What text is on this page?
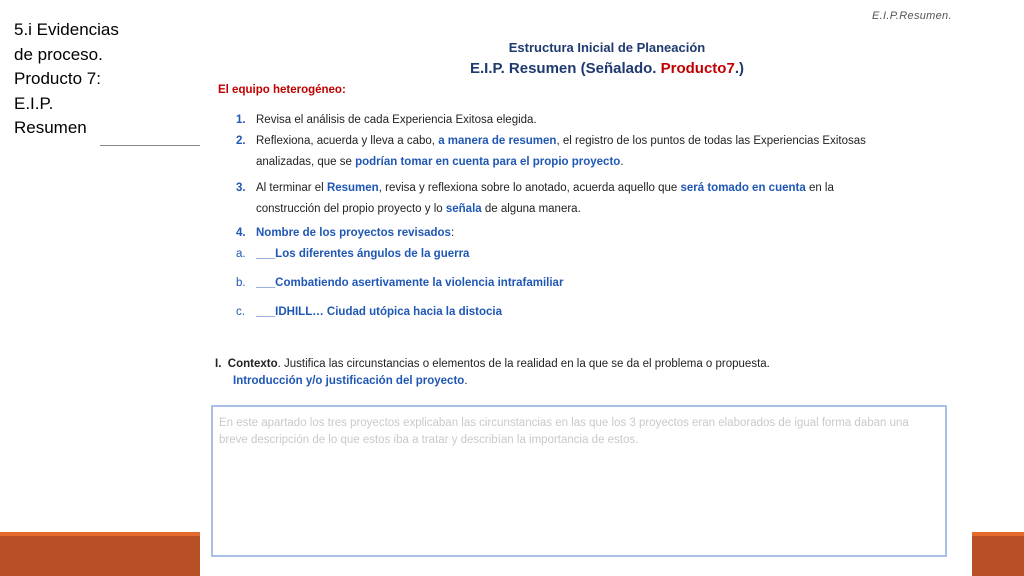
5.i Evidencias de proceso. Producto 7: E.I.P. Resumen
E.I.P.Resumen.
Estructura Inicial de Planeación
E.I.P. Resumen (Señalado. Producto7.)
El equipo heterogéneo:
1. Revisa el análisis de cada Experiencia Exitosa elegida.
2. Reflexiona, acuerda y lleva a cabo, a manera de resumen, el registro de los puntos de todas las Experiencias Exitosas
analizadas, que se podrían tomar en cuenta para el propio proyecto.
3. Al terminar el Resumen, revisa y reflexiona sobre lo anotado, acuerda aquello que será tomado en cuenta en la
construcción del propio proyecto y lo señala de alguna manera.
4. Nombre de los proyectos revisados:
a. ___Los diferentes ángulos de la guerra
b. ___Combatiendo asertivamente la violencia intrafamiliar
c. ___IDHILL… Ciudad utópica hacia la distocia
I. Contexto. Justifica las circunstancias o elementos de la realidad en la que se da el problema o propuesta.
Introducción y/o justificación del proyecto.
En este apartado los tres proyectos explicaban las circunstancias en las que los 3 proyectos eran elaborados de igual forma daban una breve descripción de lo que estos iba a tratar y describían la importancia de estos.
